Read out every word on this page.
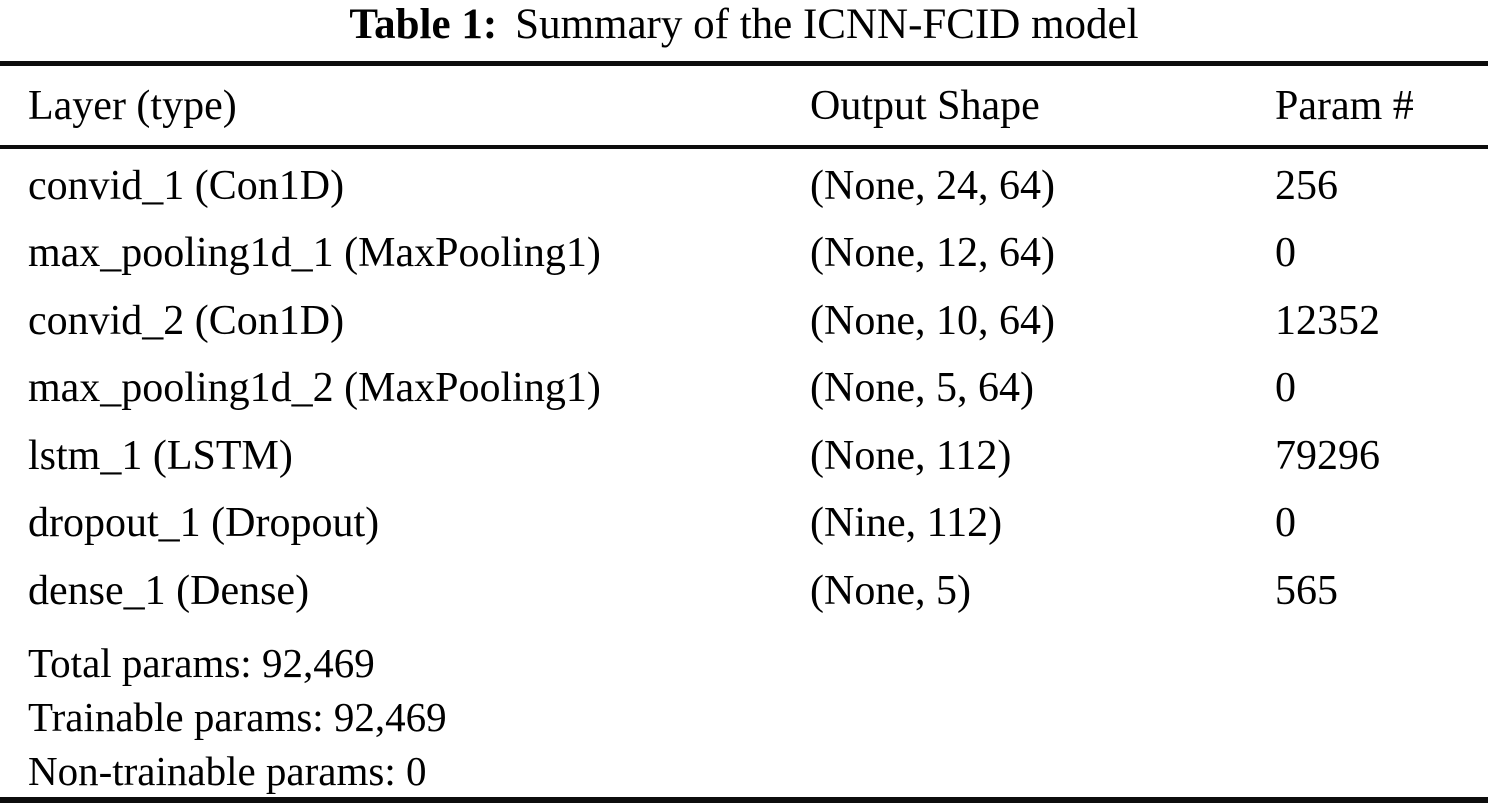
Table 1: Summary of the ICNN-FCID model
Layer (type)	Output Shape	Param #
convid_1 (Con1D)	(None, 24, 64)	256
max_pooling1d_1 (MaxPooling1)	(None, 12, 64)	0
convid_2 (Con1D)	(None, 10, 64)	12352
max_pooling1d_2 (MaxPooling1)	(None, 5, 64)	0
lstm_1 (LSTM)	(None, 112)	79296
dropout_1 (Dropout)	(Nine, 112)	0
dense_1 (Dense)	(None, 5)	565
Total params: 92,469
Trainable params: 92,469
Non-trainable params: 0
